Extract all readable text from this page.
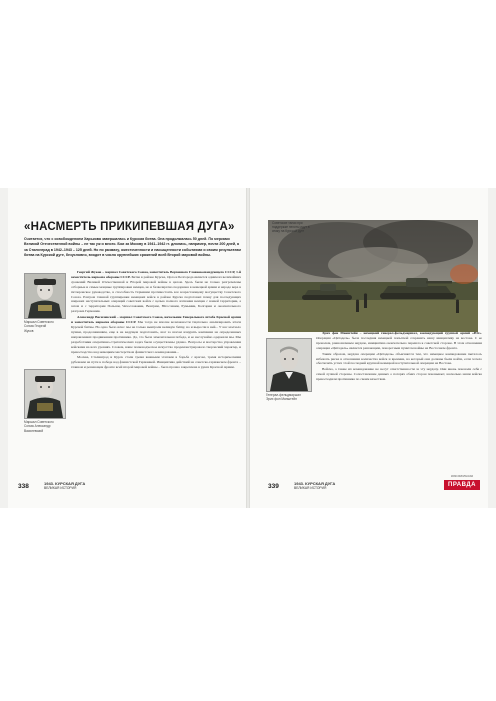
«НАСМЕРТЬ ПРИКИПЕВШАЯ ДУГА»
Считается, что с освобождением Харькова завершилась и Курская битва. Она продолжалась 50 дней. По мерками Великой Отечественной войны – не так уж и много. Бои за Москву в 1941–1942 гг. длились, например, почти 200 дней, а за Сталинград в 1942–1943 – 125 дней. Но по размаху, ожесточенности и насыщенности событиями и своим результатам битва на Курской дуге, безусловно, входит в число крупнейших сражений всей Второй мировой войны.
Маршал Советского Союза Георгий Жуков
Маршал Советского Союза Александр Василевский

Георгий Жуков – маршал Советского Союза, заместитель Верховного Главнокомандующего СССР, 1-й заместитель наркома обороны СССР. Битва в районе Курска, Орла и Белгорода является одним из величайших сражений Великой Отечественной и Второй мировой войны в целом. Здесь были не только разгромлены отборные и самые мощные группировки немцев, но и безвозвратно подорвана в немецкой армии и народе вера в гитлеровское руководство, в способность Германии противостоять все возрастающему могуществу Советского Союза. Разгром главной группировки немецких войск в районе Курска подготовил почву для последующих широких наступательных операций советских войск с целью полного изгнания немцев с нашей территории, а затем и с территории Польши, Чехословакии, Венгрии, Югославии, Румынии, Болгарии и окончательного разгрома Германии.

Александр Василевский – маршал Советского Союза, начальник Генерального штаба Красной армии и заместитель наркома обороны СССР. Мы тогда не вполне возможности тщательно анализировать итоги Курской битвы. Но одно было ясно: мы не только выиграли великую битву, но и выросли в ней... У нас молчало пушки, продолжившим, еще в не ведущем подготовить, шаг за шагом изнурять кампании на определенных направлениях продвижения противника. Да, это была замечательная победа, и ее неслучайно одержали мы. Мы разработчики оперативно-стратегических задач были осуществлены удачно. Вопросы и мастерство управления войсками на всех уровнях. Словом, наше полководческое искусство продемонстрировало творческий характер, и превосходство над немецким мастерством фашистского командования...

Москва, Сталинград и Курск стали тремя важными этапами в борьбе с врагом, тремя историческими рубежами на пути к победе над фашистской Германией. Инициатива действий на советско-германском фронте – главном и решающем фронте всей второй мировой войны – была прочно закреплена в руках Красной Армии.

338	1943. КУРСКАЯ ДУГА
ВЕЛИКАЯ ИСТОРИЯ
Советские танки при поддержке пехоты идут в атаку на Курской дуге
Генерал-фельдмаршал Эрих фон Манштейн

Эрих фон Манштейн – немецкий генерал-фельдмаршал, командующий группой армий «Юг». Операция «Цитадель» была последняя немецкой попыткой сохранить нашу инициативу на востоке. С ее провалом, равнозначным неудаче, инициатива окончательно перешла к советской стороне. В этом отношении операция «Цитадель» является решающим, поворотным пунктом войны на Восточном фронте.

Таким образом, неудача операции «Цитадель» объясняется тем, что немецкое командование пыталось избежать риска в отношении количества войск и времени, на который они должны были войти, если хотело обеспечить успех этой последней крупной немецкой наступательной операции на Востоке.

Войска, а также их командование не несут ответственности за эту неудачу. Они вновь показали себя с самой лучшей стороны. Сопоставление данных о потерях обеих сторон показывает, насколько наши войска превосходили противника по своим качествам.

339	1943. КУРСКАЯ ДУГА
ВЕЛИКАЯ ИСТОРИЯ
КОМСОМОЛЬСКАЯ
ПРАВДА
